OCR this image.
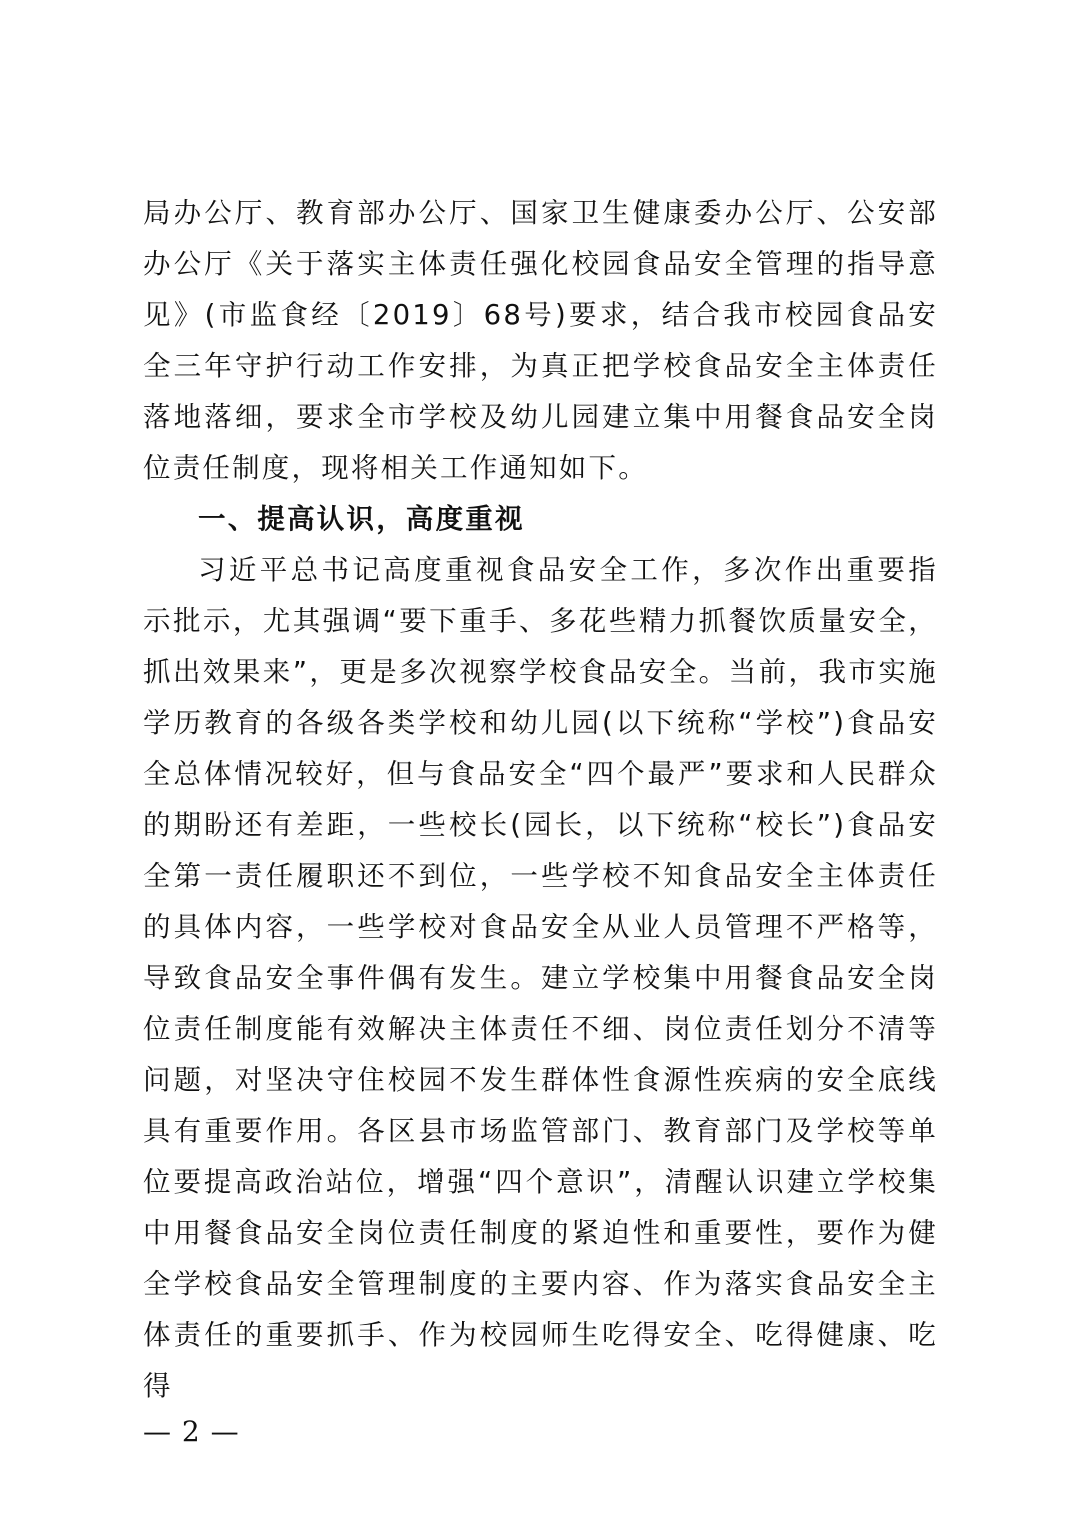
局办公厅、教育部办公厅、国家卫生健康委办公厅、公安部办公厅《关于落实主体责任强化校园食品安全管理的指导意见》(市监食经〔2019〕68号)要求，结合我市校园食品安全三年守护行动工作安排，为真正把学校食品安全主体责任落地落细，要求全市学校及幼儿园建立集中用餐食品安全岗位责任制度，现将相关工作通知如下。

一、提高认识，高度重视

习近平总书记高度重视食品安全工作，多次作出重要指示批示，尤其强调“要下重手、多花些精力抓餐饮质量安全，抓出效果来”，更是多次视察学校食品安全。当前，我市实施学历教育的各级各类学校和幼儿园(以下统称“学校”)食品安全总体情况较好，但与食品安全“四个最严”要求和人民群众的期盼还有差距，一些校长(园长，以下统称“校长”)食品安全第一责任履职还不到位，一些学校不知食品安全主体责任的具体内容，一些学校对食品安全从业人员管理不严格等，导致食品安全事件偶有发生。建立学校集中用餐食品安全岗位责任制度能有效解决主体责任不细、岗位责任划分不清等问题，对坚决守住校园不发生群体性食源性疾病的安全底线具有重要作用。各区县市场监管部门、教育部门及学校等单位要提高政治站位，增强“四个意识”，清醒认识建立学校集中用餐食品安全岗位责任制度的紧迫性和重要性，要作为健全学校食品安全管理制度的主要内容、作为落实食品安全主体责任的重要抓手、作为校园师生吃得安全、吃得健康、吃得

— 2 —
